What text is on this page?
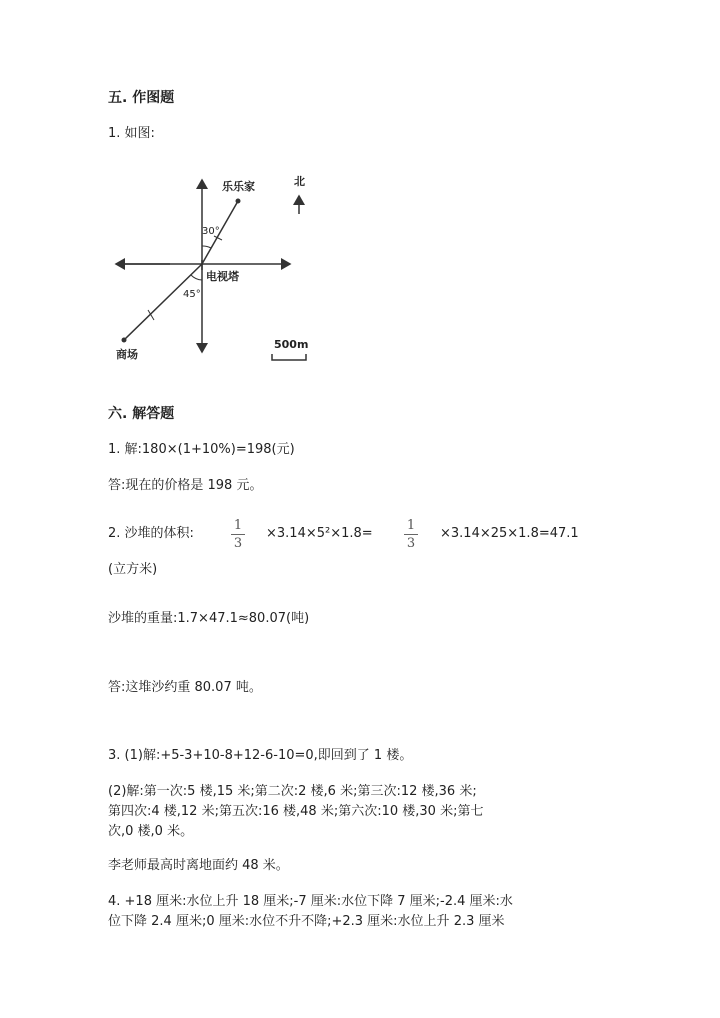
五. 作图题
1. 如图:
乐乐家
30°
电视塔
45°
商场
北
500m
六. 解答题
1. 解:180×(1+10%)=198(元)
答:现在的价格是 198 元。
2. 沙堆的体积:
1
3
×3.14×5²×1.8=
1
3
×3.14×25×1.8=47.1
(立方米)
沙堆的重量:1.7×47.1≈80.07(吨)
答:这堆沙约重 80.07 吨。
3. (1)解:+5-3+10-8+12-6-10=0,即回到了 1 楼。
(2)解:第一次:5 楼,15 米;第二次:2 楼,6 米;第三次:12 楼,36 米;
第四次:4 楼,12 米;第五次:16 楼,48 米;第六次:10 楼,30 米;第七
次,0 楼,0 米。
李老师最高时离地面约 48 米。
4. +18 厘米:水位上升 18 厘米;-7 厘米:水位下降 7 厘米;-2.4 厘米:水
位下降 2.4 厘米;0 厘米:水位不升不降;+2.3 厘米:水位上升 2.3 厘米
